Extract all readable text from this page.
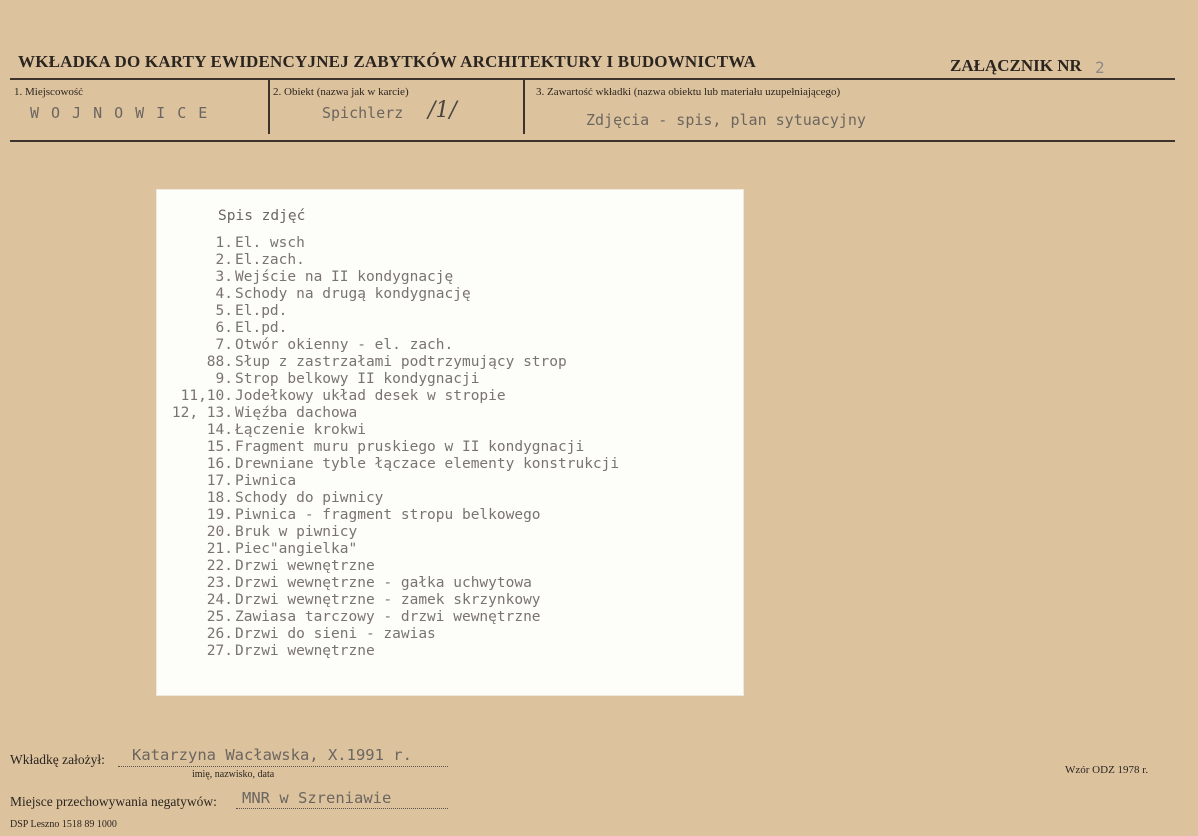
WKŁADKA DO KARTY EWIDENCYJNEJ ZABYTKÓW ARCHITEKTURY I BUDOWNICTWA	ZAŁĄCZNIK NR 2
1. Miejscowość
WOJNOWICE
2. Obiekt (nazwa jak w karcie)
Spichlerz /1/
3. Zawartość wkładki (nazwa obiektu lub materiału uzupełniającego)
Zdjęcia - spis, plan sytuacyjny
Spis zdjęć
1. El. wsch
2. El.zach.
3. Wejście na II kondygnację
4. Schody na drugą kondygnację
5. El.pd.
6. El.pd.
7. Otwór okienny - el. zach.
88. Słup z zastrzałami podtrzymujący strop
9. Strop belkowy II kondygnacji
11,10. Jodełkowy układ desek w stropie
12, 13. Więźba dachowa
14. Łączenie krokwi
15. Fragment muru pruskiego w II kondygnacji
16. Drewniane tyble łączace elementy konstrukcji
17. Piwnica
18. Schody do piwnicy
19. Piwnica - fragment stropu belkowego
20. Bruk w piwnicy
21. Piec"angielka"
22. Drzwi wewnętrzne
23. Drzwi wewnętrzne - gałka uchwytowa
24. Drzwi wewnętrzne - zamek skrzynkowy
25. Zawiasa tarczowy - drzwi wewnętrzne
26. Drzwi do sieni - zawias
27. Drzwi wewnętrzne
Wkładkę założył: Katarzyna Wacławska, X.1991 r.
imię, nazwisko, data
Miejsce przechowywania negatywów: MNR w Szreniawie
Wzór ODZ 1978 r.
DSP Leszno 1518 89 1000
